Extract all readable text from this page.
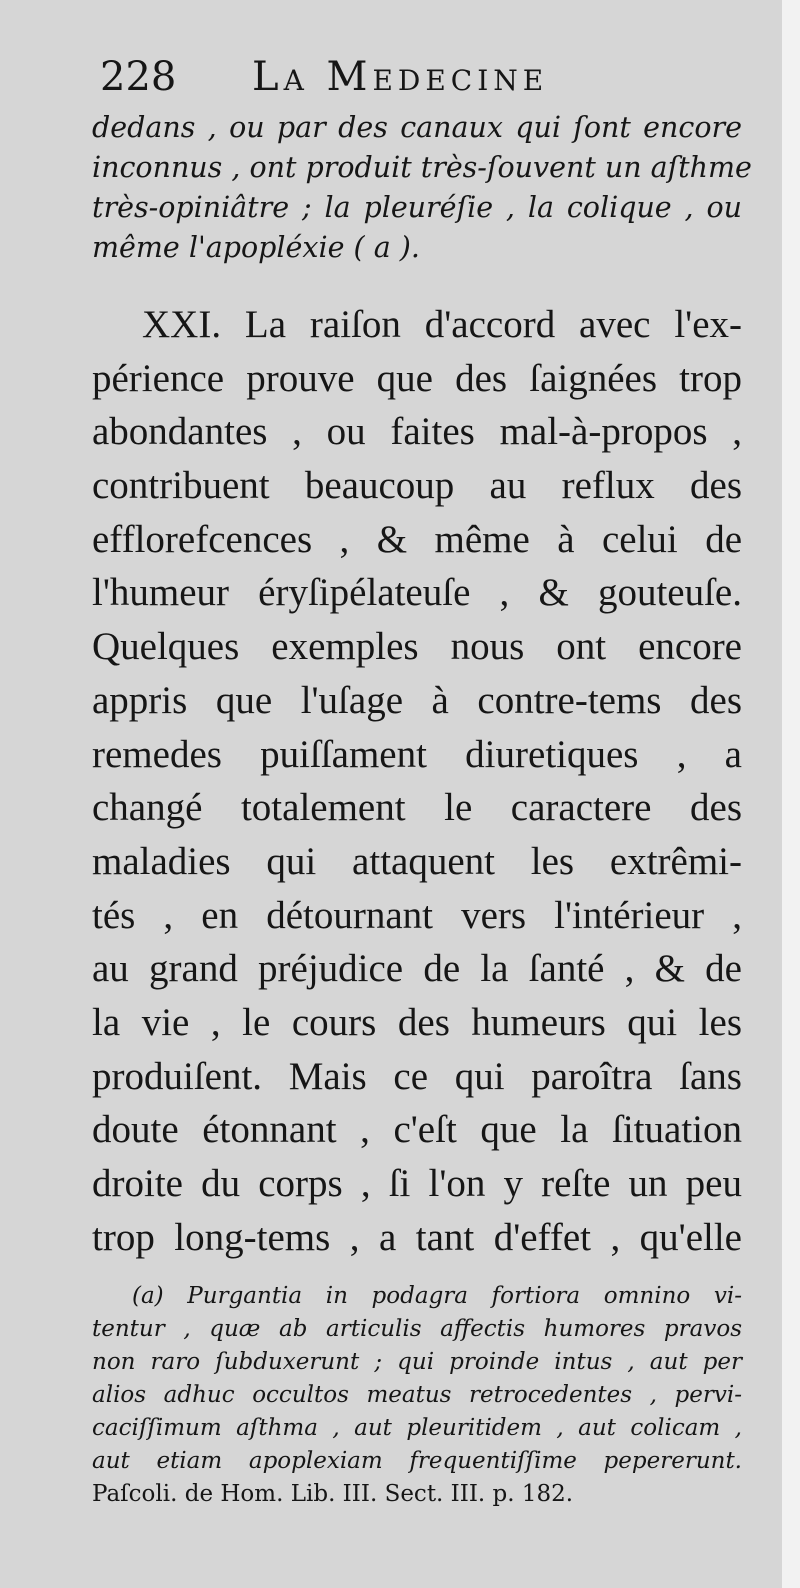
228 La Medecine
dedans , ou par des canaux qui ſont encore
inconnus , ont produit très-ſouvent un aſthme
très-opiniâtre ; la pleuréſie , la colique , ou
même l'apopléxie ( a ).
XXI. La raiſon d'accord avec l'ex-
périence prouve que des ſaignées trop
abondantes , ou faites mal-à-propos ,
contribuent beaucoup au reflux des
efflorefcences , & même à celui de
l'humeur éryſipélateuſe , & gouteuſe.
Quelques exemples nous ont encore
appris que l'uſage à contre-tems des
remedes puiſſament diuretiques , a
changé totalement le caractere des
maladies qui attaquent les extrêmi-
tés , en détournant vers l'intérieur ,
au grand préjudice de la ſanté , & de
la vie , le cours des humeurs qui les
produiſent. Mais ce qui paroîtra ſans
doute étonnant , c'eſt que la ſituation
droite du corps , ſi l'on y reſte un peu
trop long-tems , a tant d'effet , qu'elle
(a) Purgantia in podagra fortiora omnino vi-
tentur , quæ ab articulis affectis humores pravos
non raro ſubduxerunt ; qui proinde intus , aut per
alios adhuc occultos meatus retrocedentes , pervi-
caciſſimum aſthma , aut pleuritidem , aut colicam ,
aut etiam apoplexiam frequentiſſime pepererunt.
Paſcoli. de Hom. Lib. III. Sect. III. p. 182.
